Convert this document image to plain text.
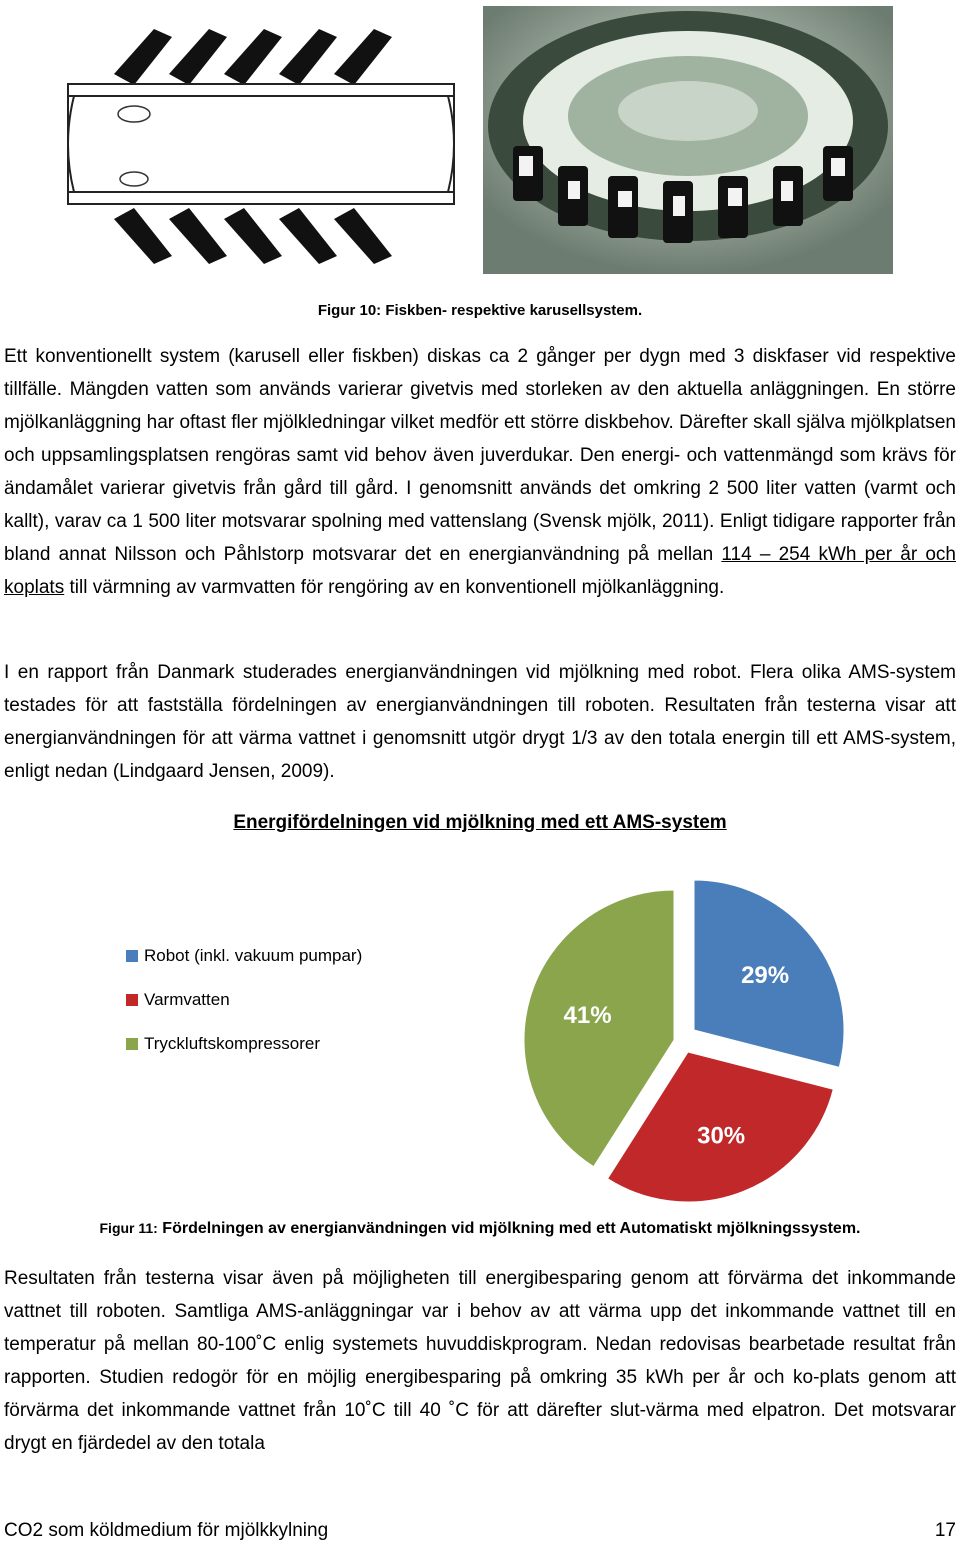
Figur 10: Fiskben- respektive karusellsystem.

Ett konventionellt system (karusell eller fiskben) diskas ca 2 gånger per dygn med 3 diskfaser vid respektive tillfälle. Mängden vatten som används varierar givetvis med storleken av den aktuella anläggningen. En större mjölkanläggning har oftast fler mjölkledningar vilket medför ett större diskbehov. Därefter skall själva mjölkplatsen och uppsamlingsplatsen rengöras samt vid behov även juverdukar. Den energi- och vattenmängd som krävs för ändamålet varierar givetvis från gård till gård. I genomsnitt används det omkring 2 500 liter vatten (varmt och kallt), varav ca 1 500 liter motsvarar spolning med vattenslang (Svensk mjölk, 2011). Enligt tidigare rapporter från bland annat Nilsson och Påhlstorp motsvarar det en energianvändning på mellan 114 – 254 kWh per år och koplats till värmning av varmvatten för rengöring av en konventionell mjölkanläggning.

I en rapport från Danmark studerades energianvändningen vid mjölkning med robot. Flera olika AMS-system testades för att fastställa fördelningen av energianvändningen till roboten. Resultaten från testerna visar att energianvändningen för att värma vattnet i genomsnitt utgör drygt 1/3 av den totala energin till ett AMS-system, enligt nedan (Lindgaard Jensen, 2009).

Energifördelningen vid mjölkning med ett AMS-system
Robot (inkl. vakuum pumpar)
Varmvatten
Tryckluftskompressorer
29%
30%
41%
Figur 11: Fördelningen av energianvändningen vid mjölkning med ett Automatiskt mjölkningssystem.

Resultaten från testerna visar även på möjligheten till energibesparing genom att förvärma det inkommande vattnet till roboten. Samtliga AMS-anläggningar var i behov av att värma upp det inkommande vattnet till en temperatur på mellan 80-100˚C enlig systemets huvuddiskprogram. Nedan redovisas bearbetade resultat från rapporten. Studien redogör för en möjlig energibesparing på omkring 35 kWh per år och ko-plats genom att förvärma det inkommande vattnet från 10˚C till 40 ˚C för att därefter slut-värma med elpatron. Det motsvarar drygt en fjärdedel av den totala

CO2 som köldmedium för mjölkkylning	17
